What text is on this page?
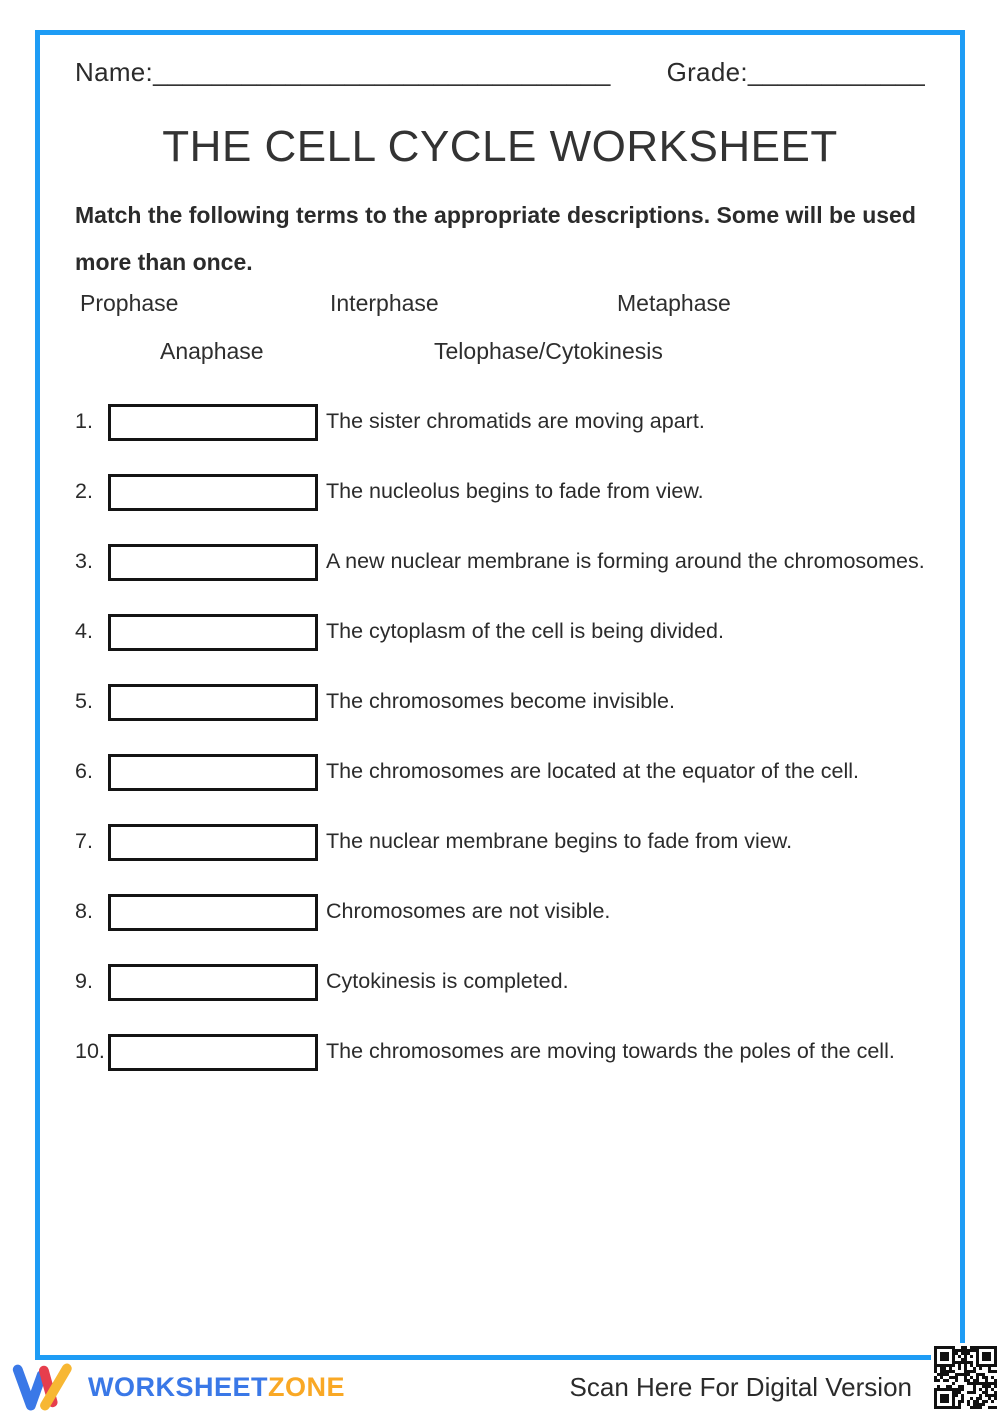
Name:_______________________________ Grade:____________
THE CELL CYCLE WORKSHEET
Match the following terms to the appropriate descriptions. Some will be used more than once.
Prophase	Interphase	Metaphase
Anaphase	Telophase/Cytokinesis
1.	The sister chromatids are moving apart.
2.	The nucleolus begins to fade from view.
3.	A new nuclear membrane is forming around the chromosomes.
4.	The cytoplasm of the cell is being divided.
5.	The chromosomes become invisible.
6.	The chromosomes are located at the equator of the cell.
7.	The nuclear membrane begins to fade from view.
8.	Chromosomes are not visible.
9.	Cytokinesis is completed.
10.	The chromosomes are moving towards the poles of the cell.
WORKSHEETZONE	Scan Here For Digital Version
